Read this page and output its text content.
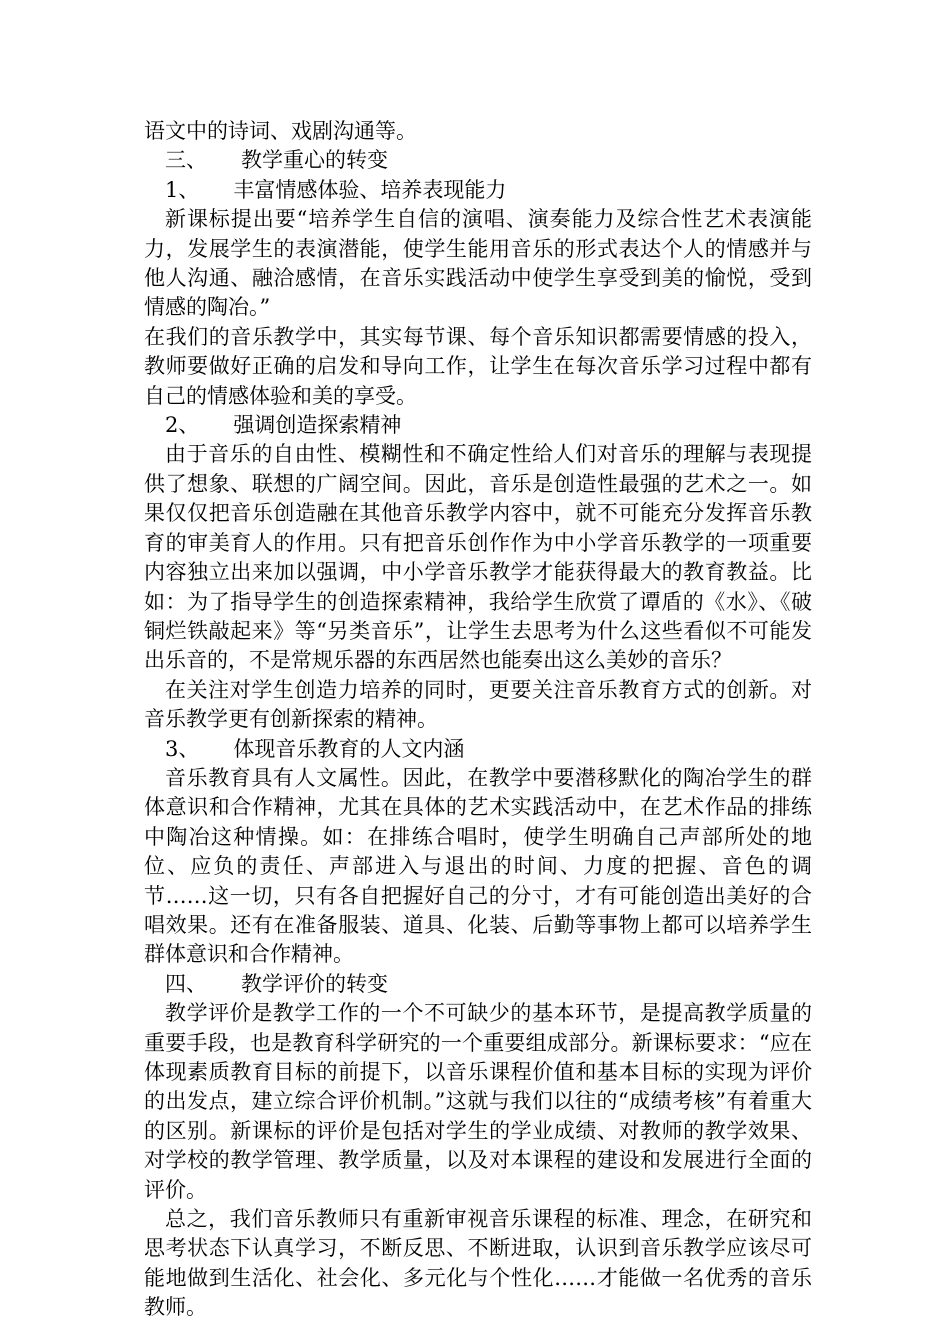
语文中的诗词、戏剧沟通等。

三、 教学重心的转变

1、 丰富情感体验、培养表现能力

新课标提出要“培养学生自信的演唱、演奏能力及综合性艺术表演能力，发展学生的表演潜能，使学生能用音乐的形式表达个人的情感并与他人沟通、融洽感情，在音乐实践活动中使学生享受到美的愉悦，受到情感的陶冶。”

在我们的音乐教学中，其实每节课、每个音乐知识都需要情感的投入，教师要做好正确的启发和导向工作，让学生在每次音乐学习过程中都有自己的情感体验和美的享受。

2、 强调创造探索精神

由于音乐的自由性、模糊性和不确定性给人们对音乐的理解与表现提供了想象、联想的广阔空间。因此，音乐是创造性最强的艺术之一。如果仅仅把音乐创造融在其他音乐教学内容中，就不可能充分发挥音乐教育的审美育人的作用。只有把音乐创作作为中小学音乐教学的一项重要内容独立出来加以强调，中小学音乐教学才能获得最大的教育教益。比如：为了指导学生的创造探索精神，我给学生欣赏了谭盾的《水》、《破铜烂铁敲起来》等“另类音乐”，让学生去思考为什么这些看似不可能发出乐音的，不是常规乐器的东西居然也能奏出这么美妙的音乐？

在关注对学生创造力培养的同时，更要关注音乐教育方式的创新。对音乐教学更有创新探索的精神。

3、 体现音乐教育的人文内涵

音乐教育具有人文属性。因此，在教学中要潜移默化的陶冶学生的群体意识和合作精神，尤其在具体的艺术实践活动中，在艺术作品的排练中陶冶这种情操。如：在排练合唱时，使学生明确自己声部所处的地位、应负的责任、声部进入与退出的时间、力度的把握、音色的调节……这一切，只有各自把握好自己的分寸，才有可能创造出美好的合唱效果。还有在准备服装、道具、化装、后勤等事物上都可以培养学生群体意识和合作精神。

四、 教学评价的转变

教学评价是教学工作的一个不可缺少的基本环节，是提高教学质量的重要手段，也是教育科学研究的一个重要组成部分。新课标要求：“应在体现素质教育目标的前提下，以音乐课程价值和基本目标的实现为评价的出发点，建立综合评价机制。”这就与我们以往的“成绩考核”有着重大的区别。新课标的评价是包括对学生的学业成绩、对教师的教学效果、对学校的教学管理、教学质量，以及对本课程的建设和发展进行全面的评价。

总之，我们音乐教师只有重新审视音乐课程的标准、理念，在研究和思考状态下认真学习，不断反思、不断进取，认识到音乐教学应该尽可能地做到生活化、社会化、多元化与个性化……才能做一名优秀的音乐教师。
